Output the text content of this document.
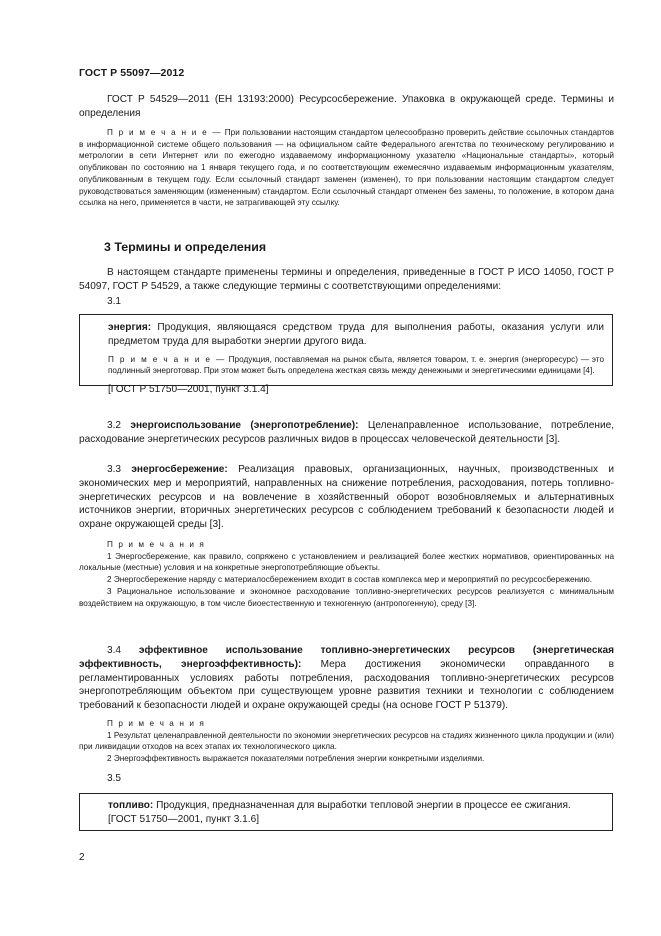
ГОСТ Р 55097—2012

ГОСТ Р 54529—2011 (ЕН 13193:2000) Ресурсосбережение. Упаковка в окружающей среде. Термины и определения

П р и м е ч а н и е — При пользовании настоящим стандартом целесообразно проверить действие ссылочных стандартов в информационной системе общего пользования — на официальном сайте Федерального агентства по техническому регулированию и метрологии в сети Интернет или по ежегодно издаваемому информационному указателю «Национальные стандарты», который опубликован по состоянию на 1 января текущего года, и по соответствующим ежемесячно издаваемым информационным указателям, опубликованным в текущем году. Если ссылочный стандарт заменен (изменен), то при пользовании настоящим стандартом следует руководствоваться заменяющим (измененным) стандартом. Если ссылочный стандарт отменен без замены, то положение, в котором дана ссылка на него, применяется в части, не затрагивающей эту ссылку.

3 Термины и определения

В настоящем стандарте применены термины и определения, приведенные в ГОСТ Р ИСО 14050, ГОСТ Р 54097, ГОСТ Р 54529, а также следующие термины с соответствующими определениями:

3.1

энергия: Продукция, являющаяся средством труда для выполнения работы, оказания услуги или предметом труда для выработки энергии другого вида.

П р и м е ч а н и е — Продукция, поставляемая на рынок сбыта, является товаром, т. е. энергия (энергоресурс) — это подлинный энерготовар. При этом может быть определена жесткая связь между денежными и энергетическими единицами [4].

[ГОСТ Р 51750—2001, пункт 3.1.4]

3.2 энергоиспользование (энергопотребление): Целенаправленное использование, потребление, расходование энергетических ресурсов различных видов в процессах человеческой деятельности [3].

3.3 энергосбережение: Реализация правовых, организационных, научных, производственных и экономических мер и мероприятий, направленных на снижение потребления, расходования, потерь топливно-энергетических ресурсов и на вовлечение в хозяйственный оборот возобновляемых и альтернативных источников энергии, вторичных энергетических ресурсов с соблюдением требований к безопасности людей и охране окружающей среды [3].

П р и м е ч а н и я

1 Энергосбережение, как правило, сопряжено с установлением и реализацией более жестких нормативов, ориентированных на локальные (местные) условия и на конкретные энергопотребляющие объекты.

2 Энергосбережение наряду с материалосбережением входит в состав комплекса мер и мероприятий по ресурсосбережению.

3 Рациональное использование и экономное расходование топливно-энергетических ресурсов реализуется с минимальным воздействием на окружающую, в том числе биоестественную и техногенную (антропогенную), среду [3].

3.4 эффективное использование топливно-энергетических ресурсов (энергетическая эффективность, энергоэффективность): Мера достижения экономически оправданного в регламентированных условиях работы потребления, расходования топливно-энергетических ресурсов энергопотребляющим объектом при существующем уровне развития техники и технологии с соблюдением требований к безопасности людей и охране окружающей среды (на основе ГОСТ Р 51379).

П р и м е ч а н и я

1 Результат целенаправленной деятельности по экономии энергетических ресурсов на стадиях жизненного цикла продукции и (или) при ликвидации отходов на всех этапах их технологического цикла.

2 Энергоэффективность выражается показателями потребления энергии конкретными изделиями.

3.5

топливо: Продукция, предназначенная для выработки тепловой энергии в процессе ее сжигания.

[ГОСТ 51750—2001, пункт 3.1.6]

2
